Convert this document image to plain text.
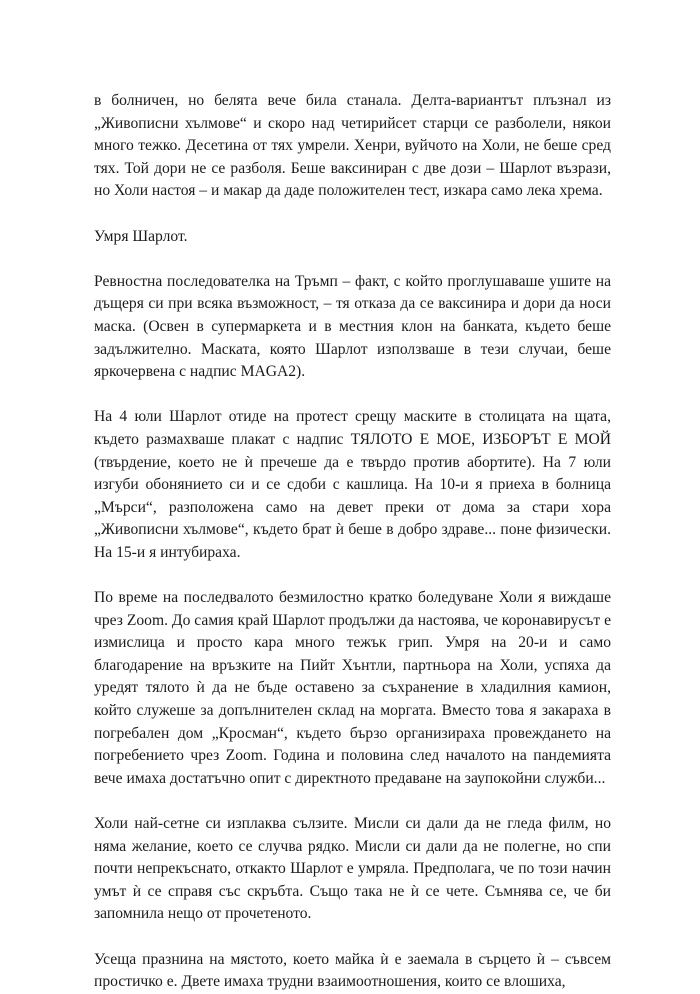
в болничен, но белята вече била станала. Делта-вариантът плъзнал из „Живописни хълмове“ и скоро над четирийсет старци се разболели, някои много тежко. Десетина от тях умрели. Хенри, вуйчото на Холи, не беше сред тях. Той дори не се разболя. Беше ваксиниран с две дози – Шарлот възрази, но Холи настоя – и макар да даде положителен тест, изкара само лека хрема.

Умря Шарлот.

Ревностна последователка на Тръмп – факт, с който проглушаваше ушите на дъщеря си при всяка възможност, – тя отказа да се ваксинира и дори да носи маска. (Освен в супермаркета и в местния клон на банката, където беше задължително. Маската, която Шарлот използваше в тези случаи, беше яркочервена с надпис MAGA2).

На 4 юли Шарлот отиде на протест срещу маските в столицата на щата, където размахваше плакат с надпис ТЯЛОТО Е МОЕ, ИЗБОРЪТ Е МОЙ (твърдение, което не ѝ пречеше да е твърдо против абортите). На 7 юли изгуби обонянието си и се сдоби с кашлица. На 10-и я приеха в болница „Мърси“, разположена само на девет преки от дома за стари хора „Живописни хълмове“, където брат ѝ беше в добро здраве... поне физически. На 15-и я интубираха.

По време на последвалото безмилостно кратко боледуване Холи я виждаше чрез Zoom. До самия край Шарлот продължи да настоява, че коронавирусът е измислица и просто кара много тежък грип. Умря на 20-и и само благодарение на връзките на Пийт Хънтли, партньора на Холи, успяха да уредят тялото ѝ да не бъде оставено за съхранение в хладилния камион, който служеше за допълнителен склад на моргата. Вместо това я закараха в погребален дом „Кросман“, където бързо организираха провеждането на погребението чрез Zoom. Година и половина след началото на пандемията вече имаха достатъчно опит с директното предаване на заупокойни служби...

Холи най-сетне си изплаква сълзите. Мисли си дали да не гледа филм, но няма желание, което се случва рядко. Мисли си дали да не полегне, но спи почти непрекъснато, откакто Шарлот е умряла. Предполага, че по този начин умът ѝ се справя със скръбта. Също така не ѝ се чете. Съмнява се, че би запомнила нещо от прочетеното.

Усеща празнина на мястото, което майка ѝ е заемала в сърцето ѝ – съвсем простичко е. Двете имаха трудни взаимоотношения, които се влошиха,
